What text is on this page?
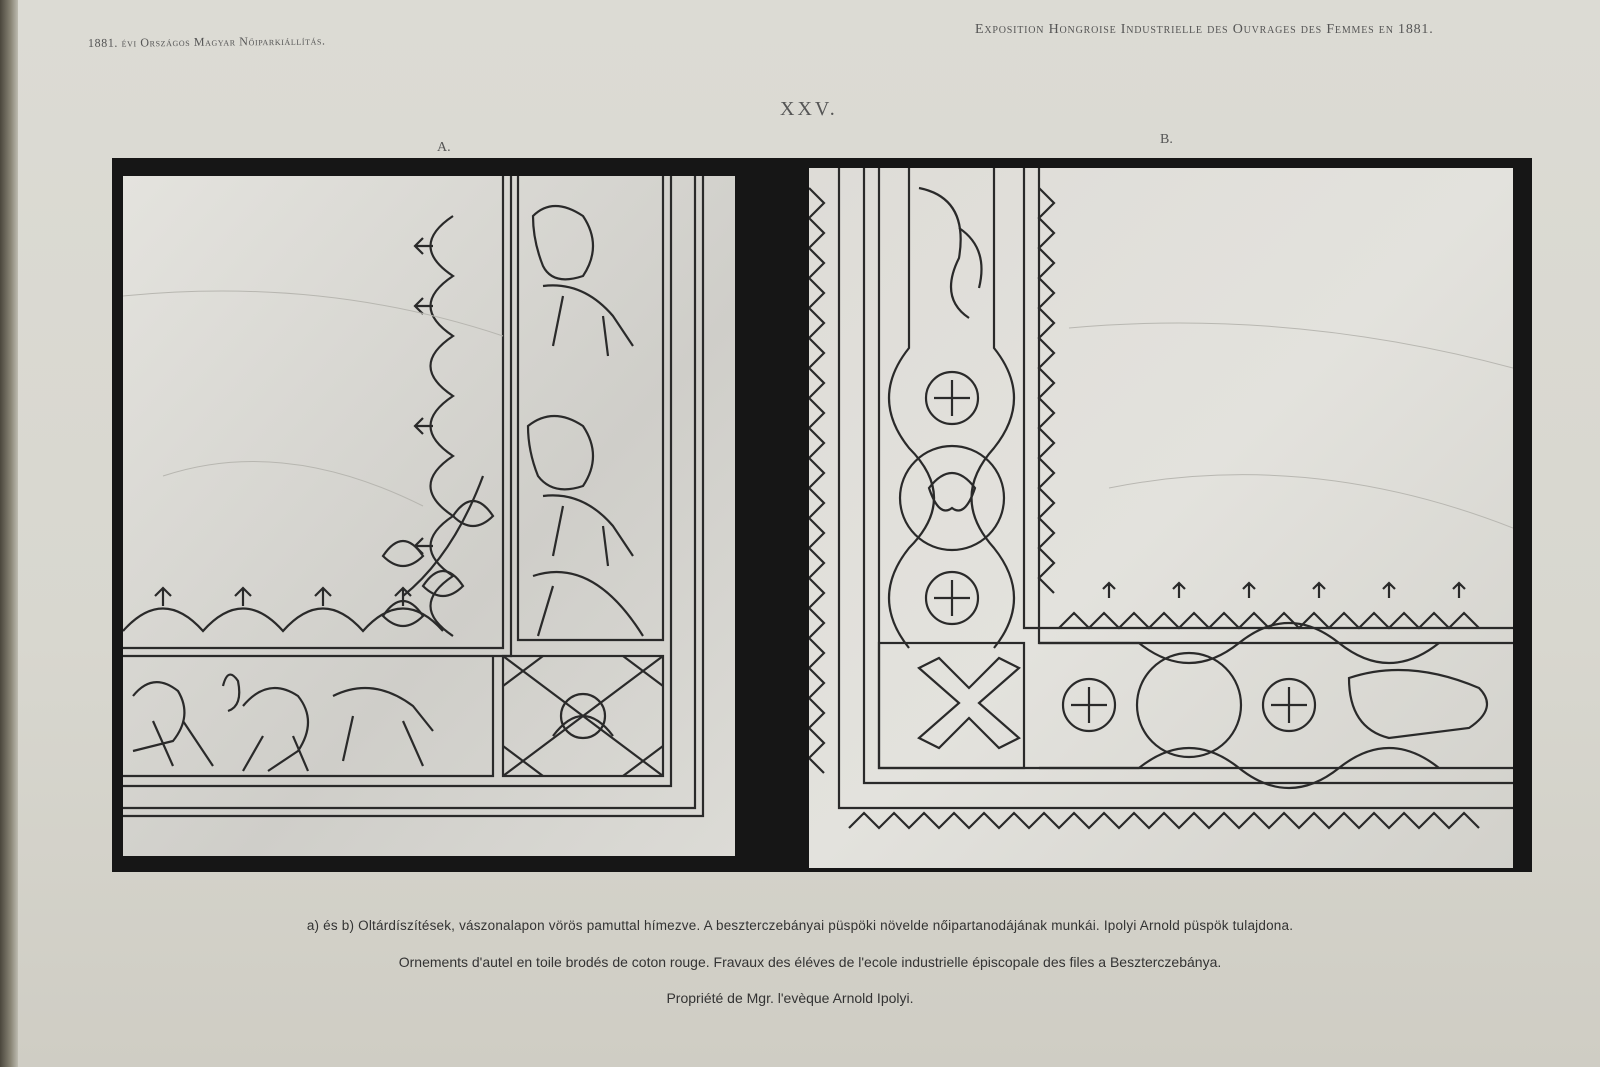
1881. évi Országos Magyar Nőiparkiállítás.
Exposition Hongroise Industrielle des Ouvrages des Femmes en 1881.
XXV.
A.
B.
a) és b) Oltárdíszítések, vászonalapon vörös pamuttal hímezve. A beszterczebányai püspöki növelde nőipartanodájának munkái. Ipolyi Arnold püspök tulajdona.
Ornements d'autel en toile brodés de coton rouge. Fravaux des éléves de l'ecole industrielle épiscopale des files a Beszterczebánya.
Propriété de Mgr. l'evèque Arnold Ipolyi.
